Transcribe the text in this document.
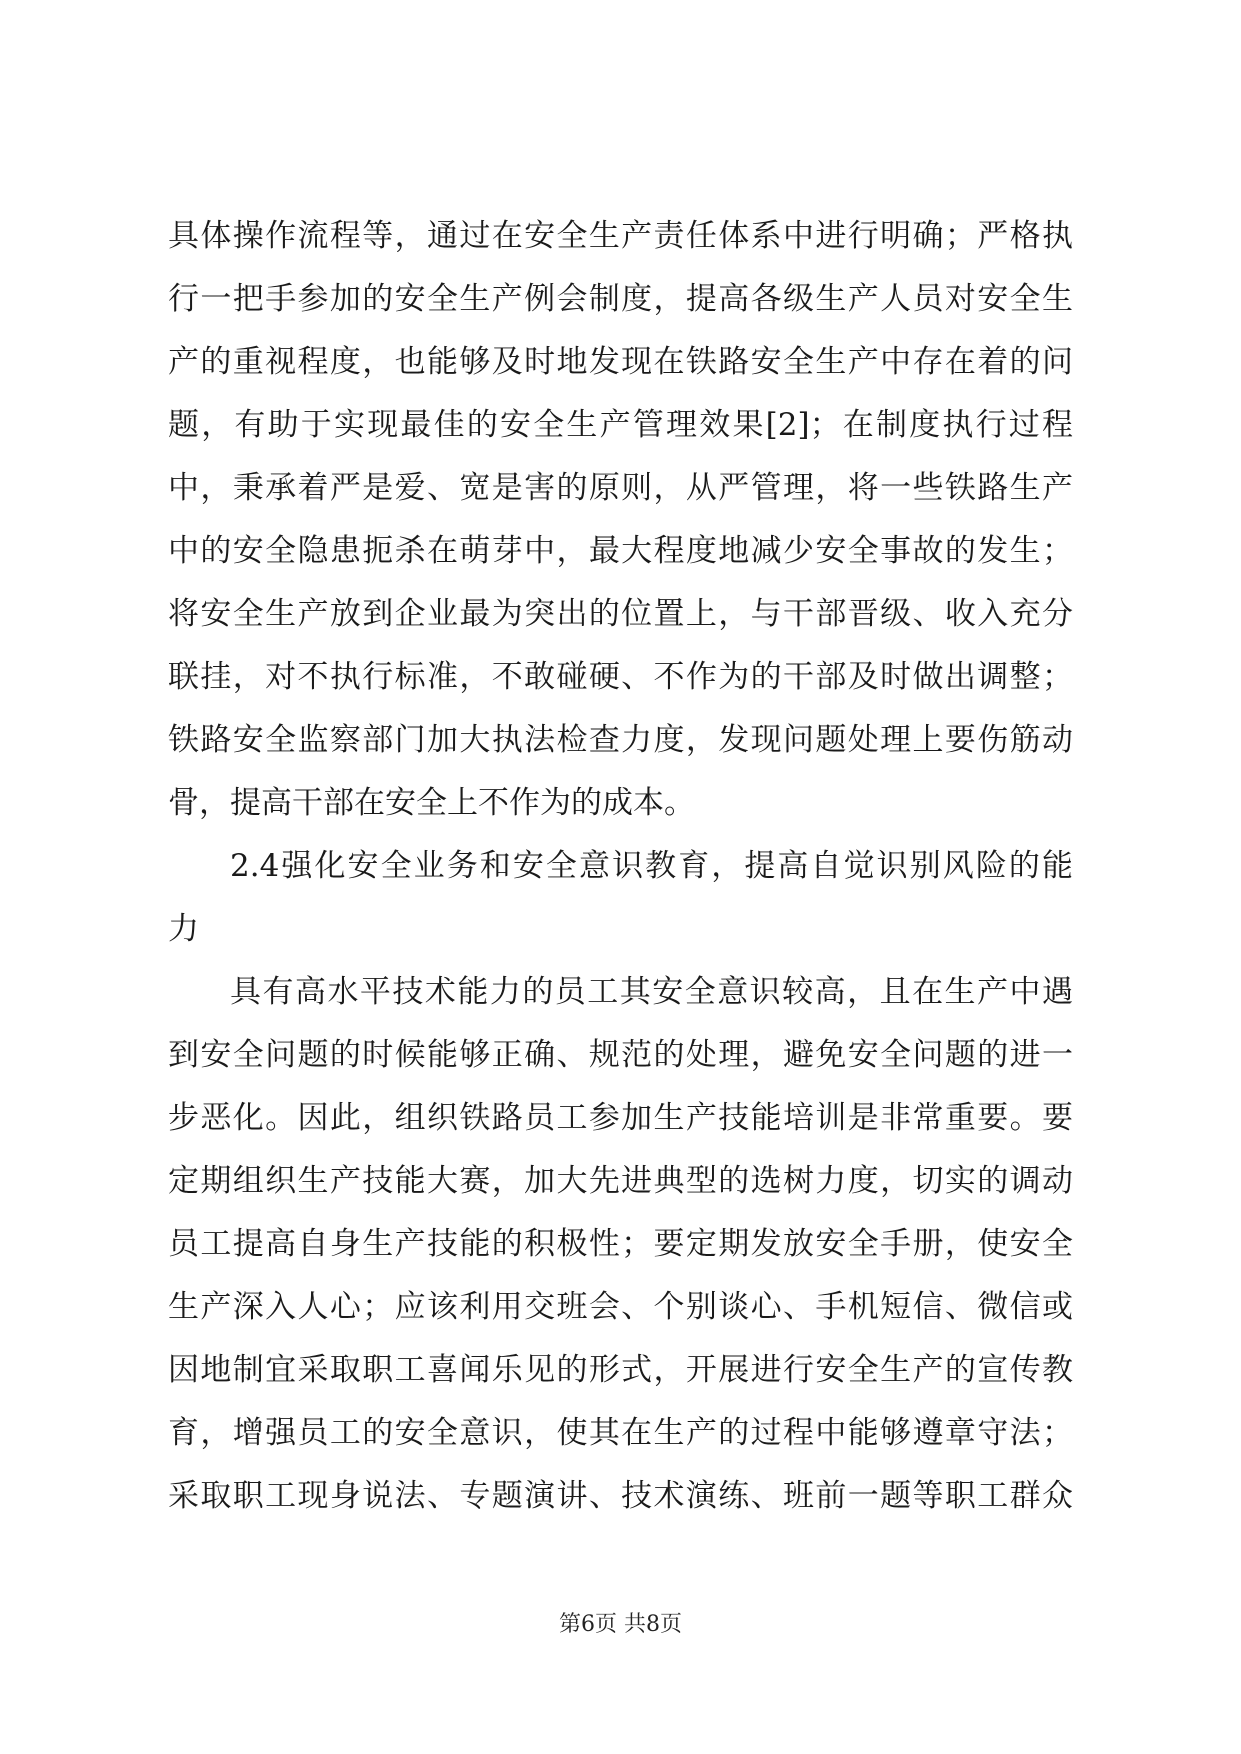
具体操作流程等，通过在安全生产责任体系中进行明确；严格执
行一把手参加的安全生产例会制度，提高各级生产人员对安全生
产的重视程度，也能够及时地发现在铁路安全生产中存在着的问
题，有助于实现最佳的安全生产管理效果[2]；在制度执行过程
中，秉承着严是爱、宽是害的原则，从严管理，将一些铁路生产
中的安全隐患扼杀在萌芽中，最大程度地减少安全事故的发生；
将安全生产放到企业最为突出的位置上，与干部晋级、收入充分
联挂，对不执行标准，不敢碰硬、不作为的干部及时做出调整；
铁路安全监察部门加大执法检查力度，发现问题处理上要伤筋动
骨，提高干部在安全上不作为的成本。
2.4强化安全业务和安全意识教育，提高自觉识别风险的能
力
具有高水平技术能力的员工其安全意识较高，且在生产中遇
到安全问题的时候能够正确、规范的处理，避免安全问题的进一
步恶化。因此，组织铁路员工参加生产技能培训是非常重要。要
定期组织生产技能大赛，加大先进典型的选树力度，切实的调动
员工提高自身生产技能的积极性；要定期发放安全手册，使安全
生产深入人心；应该利用交班会、个别谈心、手机短信、微信或
因地制宜采取职工喜闻乐见的形式，开展进行安全生产的宣传教
育，增强员工的安全意识，使其在生产的过程中能够遵章守法；
采取职工现身说法、专题演讲、技术演练、班前一题等职工群众
第6页 共8页
